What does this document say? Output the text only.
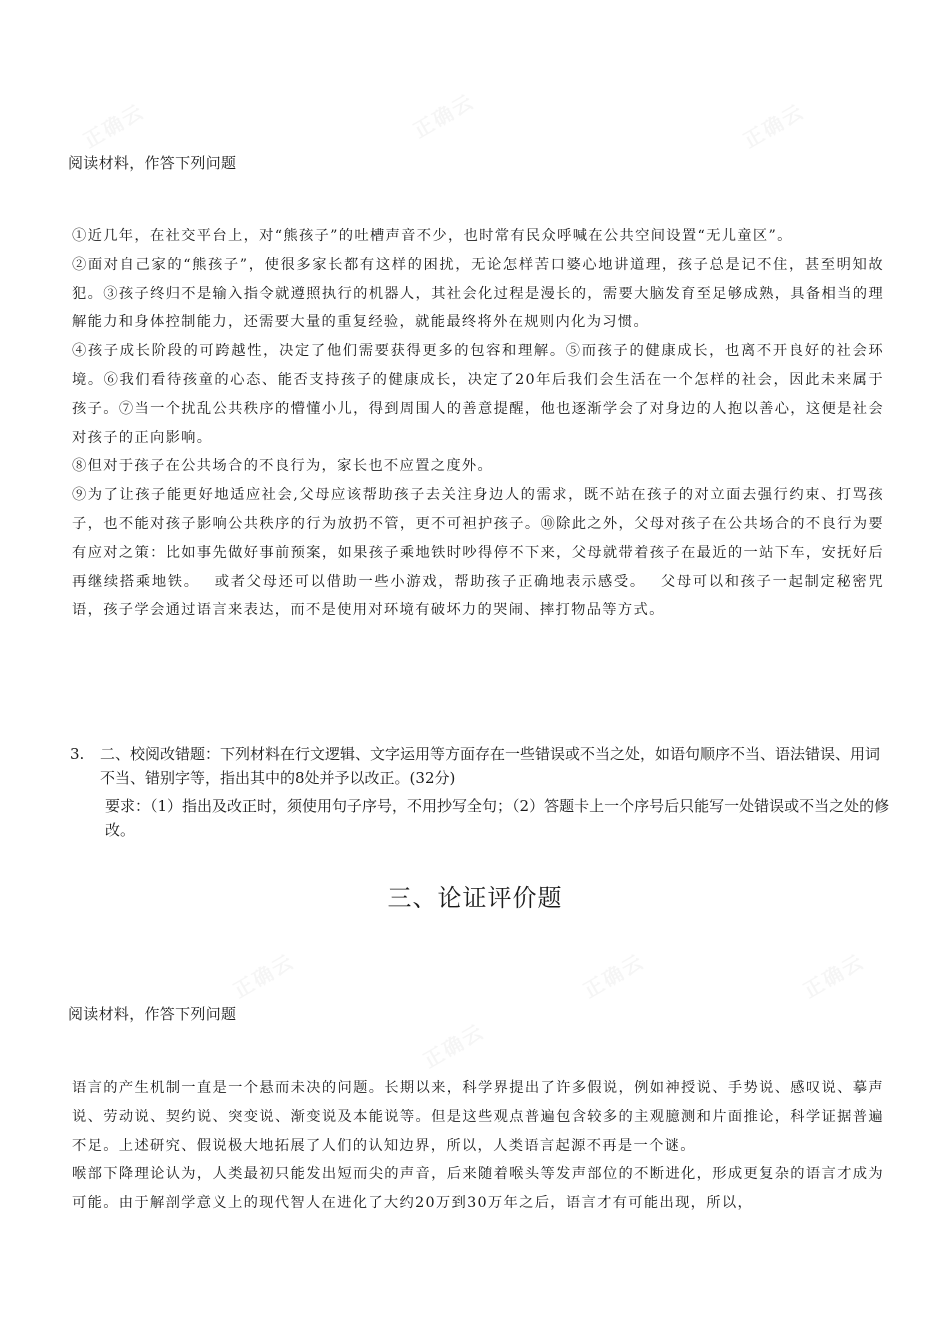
正确云	正确云	正确云
正确云	正确云	正确云
正确云
阅读材料，作答下列问题

①近几年，在社交平台上，对“熊孩子”的吐槽声音不少，也时常有民众呼喊在公共空间设置“无儿童区”。

②面对自己家的“熊孩子”，使很多家长都有这样的困扰，无论怎样苦口婆心地讲道理，孩子总是记不住，甚至明知故犯。③孩子终归不是输入指令就遵照执行的机器人，其社会化过程是漫长的，需要大脑发育至足够成熟，具备相当的理解能力和身体控制能力，还需要大量的重复经验，就能最终将外在规则内化为习惯。

④孩子成长阶段的可跨越性，决定了他们需要获得更多的包容和理解。⑤而孩子的健康成长，也离不开良好的社会环境。⑥我们看待孩童的心态、能否支持孩子的健康成长，决定了20年后我们会生活在一个怎样的社会，因此未来属于孩子。⑦当一个扰乱公共秩序的懵懂小儿，得到周围人的善意提醒，他也逐渐学会了对身边的人抱以善心，这便是社会对孩子的正向影响。

⑧但对于孩子在公共场合的不良行为，家长也不应置之度外。

⑨为了让孩子能更好地适应社会,父母应该帮助孩子去关注身边人的需求，既不站在孩子的对立面去强行约束、打骂孩子，也不能对孩子影响公共秩序的行为放扔不管，更不可袒护孩子。⑩除此之外，父母对孩子在公共场合的不良行为要有应对之策：比如事先做好事前预案，如果孩子乘地铁时吵得停不下来，父母就带着孩子在最近的一站下车，安抚好后再继续搭乘地铁。　 或者父母还可以借助一些小游戏，帮助孩子正确地表示感受。　 父母可以和孩子一起制定秘密咒语，孩子学会通过语言来表达，而不是使用对环境有破坏力的哭闹、摔打物品等方式。

3. 二、校阅改错题：下列材料在行文逻辑、文字运用等方面存在一些错误或不当之处，如语句顺序不当、语法错误、用词不当、错别字等，指出其中的8处并予以改正。(32分)
要求：（1）指出及改正时，须使用句子序号，不用抄写全句；（2）答题卡上一个序号后只能写一处错误或不当之处的修改。
三、论证评价题
阅读材料，作答下列问题

语言的产生机制一直是一个悬而未决的问题。长期以来，科学界提出了许多假说，例如神授说、手势说、感叹说、摹声说、劳动说、契约说、突变说、渐变说及本能说等。但是这些观点普遍包含较多的主观臆测和片面推论，科学证据普遍不足。上述研究、假说极大地拓展了人们的认知边界，所以，人类语言起源不再是一个谜。

喉部下降理论认为，人类最初只能发出短而尖的声音，后来随着喉头等发声部位的不断进化，形成更复杂的语言才成为可能。由于解剖学意义上的现代智人在进化了大约20万到30万年之后，语言才有可能出现，所以，
